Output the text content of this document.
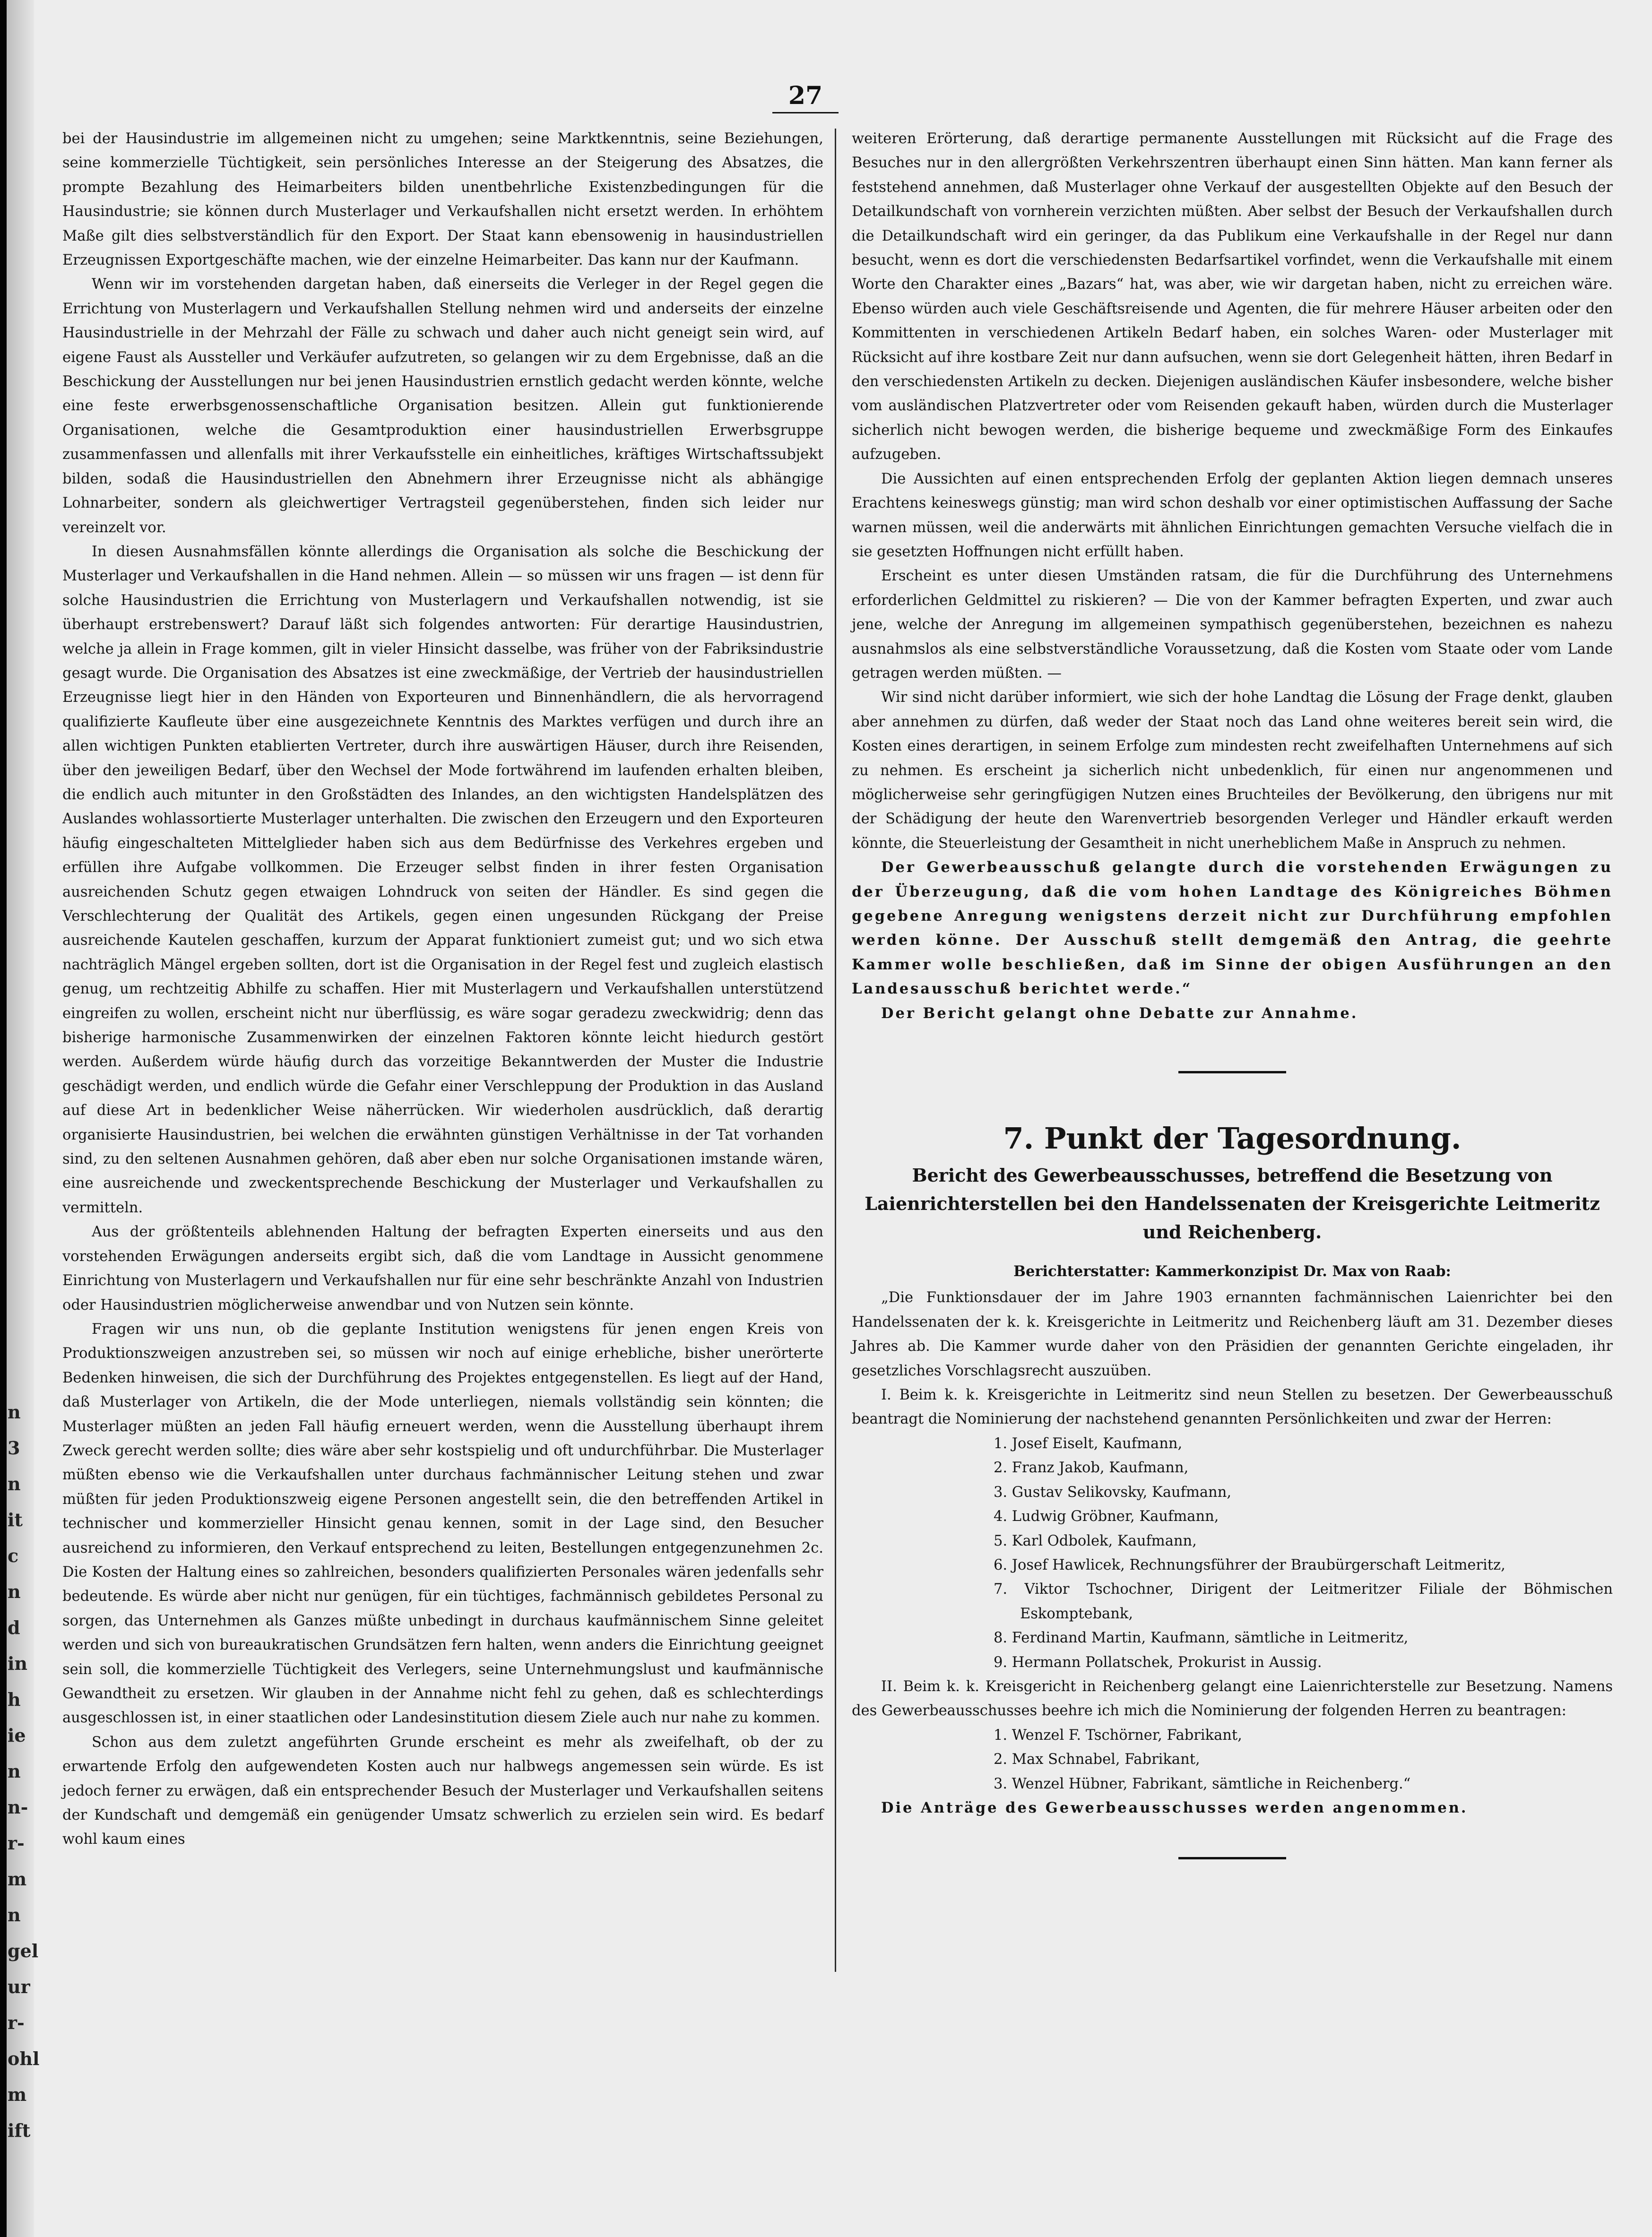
n
3
n
it
c
n
d
in
h
ie
n
n-
r-
m
n
gel
ur
r-
ohl
m
ift
27

bei der Hausindustrie im allgemeinen nicht zu umgehen; seine Marktkenntnis, seine Beziehungen, seine kommerzielle Tüchtigkeit, sein persönliches Interesse an der Steigerung des Absatzes, die prompte Bezahlung des Heimarbeiters bilden unentbehrliche Existenzbedingungen für die Hausindustrie; sie können durch Musterlager und Verkaufshallen nicht ersetzt werden. In erhöhtem Maße gilt dies selbstverständlich für den Export. Der Staat kann ebensowenig in hausindustriellen Erzeugnissen Exportgeschäfte machen, wie der einzelne Heimarbeiter. Das kann nur der Kaufmann.

Wenn wir im vorstehenden dargetan haben, daß einerseits die Verleger in der Regel gegen die Errichtung von Musterlagern und Verkaufshallen Stellung nehmen wird und anderseits der einzelne Hausindustrielle in der Mehrzahl der Fälle zu schwach und daher auch nicht geneigt sein wird, auf eigene Faust als Aussteller und Verkäufer aufzutreten, so gelangen wir zu dem Ergebnisse, daß an die Beschickung der Ausstellungen nur bei jenen Hausindustrien ernstlich gedacht werden könnte, welche eine feste erwerbsgenossenschaftliche Organisation besitzen. Allein gut funktionierende Organisationen, welche die Gesamtproduktion einer hausindustriellen Erwerbsgruppe zusammenfassen und allenfalls mit ihrer Verkaufsstelle ein einheitliches, kräftiges Wirtschaftssubjekt bilden, sodaß die Hausindustriellen den Abnehmern ihrer Erzeugnisse nicht als abhängige Lohnarbeiter, sondern als gleichwertiger Vertragsteil gegenüberstehen, finden sich leider nur vereinzelt vor.

In diesen Ausnahmsfällen könnte allerdings die Organisation als solche die Beschickung der Musterlager und Verkaufshallen in die Hand nehmen. Allein — so müssen wir uns fragen — ist denn für solche Hausindustrien die Errichtung von Musterlagern und Verkaufshallen notwendig, ist sie überhaupt erstrebenswert? Darauf läßt sich folgendes antworten: Für derartige Hausindustrien, welche ja allein in Frage kommen, gilt in vieler Hinsicht dasselbe, was früher von der Fabriksindustrie gesagt wurde. Die Organisation des Absatzes ist eine zweckmäßige, der Vertrieb der hausindustriellen Erzeugnisse liegt hier in den Händen von Exporteuren und Binnenhändlern, die als hervorragend qualifizierte Kaufleute über eine ausgezeichnete Kenntnis des Marktes verfügen und durch ihre an allen wichtigen Punkten etablierten Vertreter, durch ihre auswärtigen Häuser, durch ihre Reisenden, über den jeweiligen Bedarf, über den Wechsel der Mode fortwährend im laufenden erhalten bleiben, die endlich auch mitunter in den Großstädten des Inlandes, an den wichtigsten Handelsplätzen des Auslandes wohlassortierte Musterlager unterhalten. Die zwischen den Erzeugern und den Exporteuren häufig eingeschalteten Mittelglieder haben sich aus dem Bedürfnisse des Verkehres ergeben und erfüllen ihre Aufgabe vollkommen. Die Erzeuger selbst finden in ihrer festen Organisation ausreichenden Schutz gegen etwaigen Lohndruck von seiten der Händler. Es sind gegen die Verschlechterung der Qualität des Artikels, gegen einen ungesunden Rückgang der Preise ausreichende Kautelen geschaffen, kurzum der Apparat funktioniert zumeist gut; und wo sich etwa nachträglich Mängel ergeben sollten, dort ist die Organisation in der Regel fest und zugleich elastisch genug, um rechtzeitig Abhilfe zu schaffen. Hier mit Musterlagern und Verkaufshallen unterstützend eingreifen zu wollen, erscheint nicht nur überflüssig, es wäre sogar geradezu zweckwidrig; denn das bisherige harmonische Zusammenwirken der einzelnen Faktoren könnte leicht hiedurch gestört werden. Außerdem würde häufig durch das vorzeitige Bekanntwerden der Muster die Industrie geschädigt werden, und endlich würde die Gefahr einer Verschleppung der Produktion in das Ausland auf diese Art in bedenklicher Weise näherrücken. Wir wiederholen ausdrücklich, daß derartig organisierte Hausindustrien, bei welchen die erwähnten günstigen Verhältnisse in der Tat vorhanden sind, zu den seltenen Ausnahmen gehören, daß aber eben nur solche Organisationen imstande wären, eine ausreichende und zweckentsprechende Beschickung der Musterlager und Verkaufshallen zu vermitteln.

Aus der größtenteils ablehnenden Haltung der befragten Experten einerseits und aus den vorstehenden Erwägungen anderseits ergibt sich, daß die vom Landtage in Aussicht genommene Einrichtung von Musterlagern und Verkaufshallen nur für eine sehr beschränkte Anzahl von Industrien oder Hausindustrien möglicherweise anwendbar und von Nutzen sein könnte.

Fragen wir uns nun, ob die geplante Institution wenigstens für jenen engen Kreis von Produktionszweigen anzustreben sei, so müssen wir noch auf einige erhebliche, bisher unerörterte Bedenken hinweisen, die sich der Durchführung des Projektes entgegenstellen. Es liegt auf der Hand, daß Musterlager von Artikeln, die der Mode unterliegen, niemals vollständig sein könnten; die Musterlager müßten an jeden Fall häufig erneuert werden, wenn die Ausstellung überhaupt ihrem Zweck gerecht werden sollte; dies wäre aber sehr kostspielig und oft undurchführbar. Die Musterlager müßten ebenso wie die Verkaufshallen unter durchaus fachmännischer Leitung stehen und zwar müßten für jeden Produktionszweig eigene Personen angestellt sein, die den betreffenden Artikel in technischer und kommerzieller Hinsicht genau kennen, somit in der Lage sind, den Besucher ausreichend zu informieren, den Verkauf entsprechend zu leiten, Bestellungen entgegenzunehmen 2c. Die Kosten der Haltung eines so zahlreichen, besonders qualifizierten Personales wären jedenfalls sehr bedeutende. Es würde aber nicht nur genügen, für ein tüchtiges, fachmännisch gebildetes Personal zu sorgen, das Unternehmen als Ganzes müßte unbedingt in durchaus kaufmännischem Sinne geleitet werden und sich von bureaukratischen Grundsätzen fern halten, wenn anders die Einrichtung geeignet sein soll, die kommerzielle Tüchtigkeit des Verlegers, seine Unternehmungslust und kaufmännische Gewandtheit zu ersetzen. Wir glauben in der Annahme nicht fehl zu gehen, daß es schlechterdings ausgeschlossen ist, in einer staatlichen oder Landesinstitution diesem Ziele auch nur nahe zu kommen.

Schon aus dem zuletzt angeführten Grunde erscheint es mehr als zweifelhaft, ob der zu erwartende Erfolg den aufgewendeten Kosten auch nur halbwegs angemessen sein würde. Es ist jedoch ferner zu erwägen, daß ein entsprechender Besuch der Musterlager und Verkaufshallen seitens der Kundschaft und demgemäß ein genügender Umsatz schwerlich zu erzielen sein wird. Es bedarf wohl kaum eines

weiteren Erörterung, daß derartige permanente Ausstellungen mit Rücksicht auf die Frage des Besuches nur in den allergrößten Verkehrszentren überhaupt einen Sinn hätten. Man kann ferner als feststehend annehmen, daß Musterlager ohne Verkauf der ausgestellten Objekte auf den Besuch der Detailkundschaft von vornherein verzichten müßten. Aber selbst der Besuch der Verkaufshallen durch die Detailkundschaft wird ein geringer, da das Publikum eine Verkaufshalle in der Regel nur dann besucht, wenn es dort die verschiedensten Bedarfsartikel vorfindet, wenn die Verkaufshalle mit einem Worte den Charakter eines „Bazars“ hat, was aber, wie wir dargetan haben, nicht zu erreichen wäre. Ebenso würden auch viele Geschäftsreisende und Agenten, die für mehrere Häuser arbeiten oder den Kommittenten in verschiedenen Artikeln Bedarf haben, ein solches Waren- oder Musterlager mit Rücksicht auf ihre kostbare Zeit nur dann aufsuchen, wenn sie dort Gelegenheit hätten, ihren Bedarf in den verschiedensten Artikeln zu decken. Diejenigen ausländischen Käufer insbesondere, welche bisher vom ausländischen Platzvertreter oder vom Reisenden gekauft haben, würden durch die Musterlager sicherlich nicht bewogen werden, die bisherige bequeme und zweckmäßige Form des Einkaufes aufzugeben.

Die Aussichten auf einen entsprechenden Erfolg der geplanten Aktion liegen demnach unseres Erachtens keineswegs günstig; man wird schon deshalb vor einer optimistischen Auffassung der Sache warnen müssen, weil die anderwärts mit ähnlichen Einrichtungen gemachten Versuche vielfach die in sie gesetzten Hoffnungen nicht erfüllt haben.

Erscheint es unter diesen Umständen ratsam, die für die Durchführung des Unternehmens erforderlichen Geldmittel zu riskieren? — Die von der Kammer befragten Experten, und zwar auch jene, welche der Anregung im allgemeinen sympathisch gegenüberstehen, bezeichnen es nahezu ausnahmslos als eine selbstverständliche Voraussetzung, daß die Kosten vom Staate oder vom Lande getragen werden müßten. —

Wir sind nicht darüber informiert, wie sich der hohe Landtag die Lösung der Frage denkt, glauben aber annehmen zu dürfen, daß weder der Staat noch das Land ohne weiteres bereit sein wird, die Kosten eines derartigen, in seinem Erfolge zum mindesten recht zweifelhaften Unternehmens auf sich zu nehmen. Es erscheint ja sicherlich nicht unbedenklich, für einen nur angenommenen und möglicherweise sehr geringfügigen Nutzen eines Bruchteiles der Bevölkerung, den übrigens nur mit der Schädigung der heute den Warenvertrieb besorgenden Verleger und Händler erkauft werden könnte, die Steuerleistung der Gesamtheit in nicht unerheblichem Maße in Anspruch zu nehmen.

Der Gewerbeausschuß gelangte durch die vorstehenden Erwägungen zu der Überzeugung, daß die vom hohen Landtage des Königreiches Böhmen gegebene Anregung wenigstens derzeit nicht zur Durchführung empfohlen werden könne. Der Ausschuß stellt demgemäß den Antrag, die geehrte Kammer wolle beschließen, daß im Sinne der obigen Ausführungen an den Landesausschuß berichtet werde.“

Der Bericht gelangt ohne Debatte zur Annahme.

7. Punkt der Tagesordnung.
Bericht des Gewerbeausschusses, betreffend die Besetzung von Laienrichterstellen bei den Handelssenaten der Kreisgerichte Leitmeritz und Reichenberg.

Berichterstatter: Kammerkonzipist Dr. Max von Raab:

„Die Funktionsdauer der im Jahre 1903 ernannten fachmännischen Laienrichter bei den Handelssenaten der k. k. Kreisgerichte in Leitmeritz und Reichenberg läuft am 31. Dezember dieses Jahres ab. Die Kammer wurde daher von den Präsidien der genannten Gerichte eingeladen, ihr gesetzliches Vorschlagsrecht auszuüben.

I. Beim k. k. Kreisgerichte in Leitmeritz sind neun Stellen zu besetzen. Der Gewerbeausschuß beantragt die Nominierung der nachstehend genannten Persönlichkeiten und zwar der Herren:

1. Josef Eiselt, Kaufmann,
2. Franz Jakob, Kaufmann,
3. Gustav Selikovsky, Kaufmann,
4. Ludwig Gröbner, Kaufmann,
5. Karl Odbolek, Kaufmann,
6. Josef Hawlicek, Rechnungsführer der Braubürgerschaft Leitmeritz,
7. Viktor Tschochner, Dirigent der Leitmeritzer Filiale der Böhmischen Eskomptebank,
8. Ferdinand Martin, Kaufmann, sämtliche in Leitmeritz,
9. Hermann Pollatschek, Prokurist in Aussig.

II. Beim k. k. Kreisgericht in Reichenberg gelangt eine Laienrichterstelle zur Besetzung. Namens des Gewerbeausschusses beehre ich mich die Nominierung der folgenden Herren zu beantragen:

1. Wenzel F. Tschörner, Fabrikant,
2. Max Schnabel, Fabrikant,
3. Wenzel Hübner, Fabrikant, sämtliche in Reichenberg.“

Die Anträge des Gewerbeausschusses werden angenommen.
